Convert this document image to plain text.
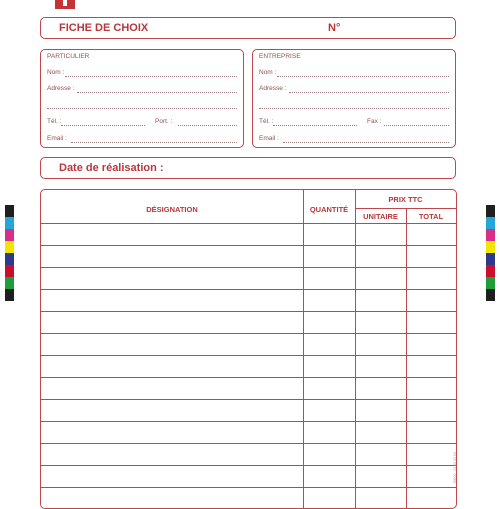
FICHE DE CHOIX	N°
PARTICULIER
Nom :
Adresse :
Tél. :	Port. :
Email :
ENTREPRISE
Nom :
Adresse :
Tél. :	Fax :
Email :
Date de réalisation :
DÉSIGNATION	QUANTITÉ
PRIX TTC
UNITAIRE	TOTAL
00000 - 01 02 03 04
